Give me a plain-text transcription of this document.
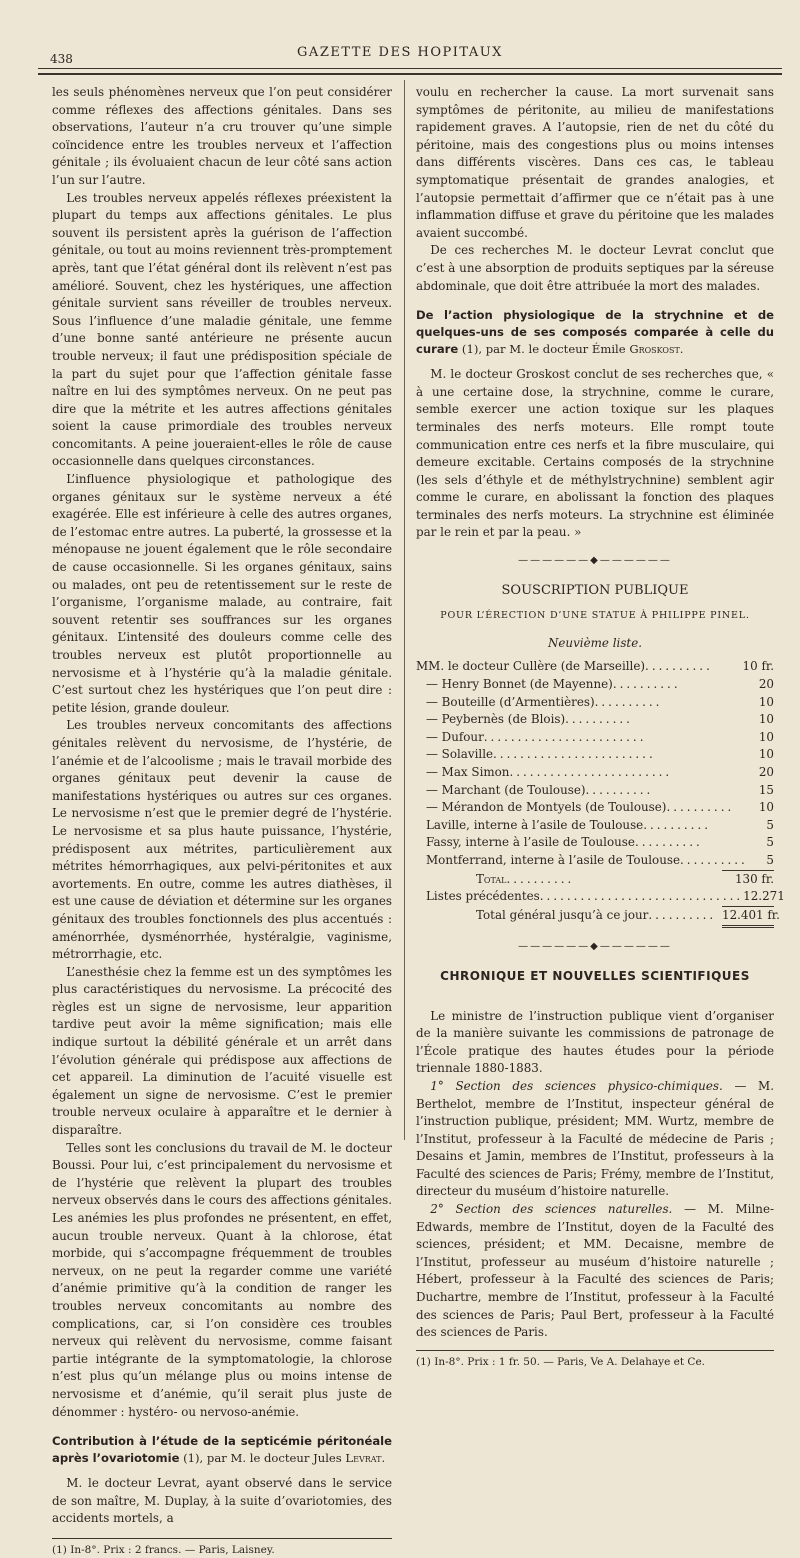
438	GAZETTE DES HOPITAUX

les seuls phénomènes nerveux que l’on peut considérer comme réflexes des affections génitales. Dans ses observations, l’auteur n’a cru trouver qu’une simple coïncidence entre les troubles nerveux et l’affection génitale ; ils évoluaient chacun de leur côté sans action l’un sur l’autre.

Les troubles nerveux appelés réflexes préexistent la plupart du temps aux affections génitales. Le plus souvent ils persistent après la guérison de l’affection génitale, ou tout au moins reviennent très-promptement après, tant que l’état général dont ils relèvent n’est pas amélioré. Souvent, chez les hystériques, une affection génitale survient sans réveiller de troubles nerveux. Sous l’influence d’une maladie génitale, une femme d’une bonne santé antérieure ne présente aucun trouble nerveux; il faut une prédisposition spéciale de la part du sujet pour que l’affection génitale fasse naître en lui des symptômes nerveux. On ne peut pas dire que la métrite et les autres affections génitales soient la cause primordiale des troubles nerveux concomitants. A peine joueraient-elles le rôle de cause occasionnelle dans quelques circonstances.

L’influence physiologique et pathologique des organes génitaux sur le système nerveux a été exagérée. Elle est inférieure à celle des autres organes, de l’estomac entre autres. La puberté, la grossesse et la ménopause ne jouent également que le rôle secondaire de cause occasionnelle. Si les organes génitaux, sains ou malades, ont peu de retentissement sur le reste de l’organisme, l’organisme malade, au contraire, fait souvent retentir ses souffrances sur les organes génitaux. L’intensité des douleurs comme celle des troubles nerveux est plutôt proportionnelle au nervosisme et à l’hystérie qu’à la maladie génitale. C’est surtout chez les hystériques que l’on peut dire : petite lésion, grande douleur.

Les troubles nerveux concomitants des affections génitales relèvent du nervosisme, de l’hystérie, de l’anémie et de l’alcoolisme ; mais le travail morbide des organes génitaux peut devenir la cause de manifestations hystériques ou autres sur ces organes. Le nervosisme n’est que le premier degré de l’hystérie. Le nervosisme et sa plus haute puissance, l’hystérie, prédisposent aux métrites, particulièrement aux métrites hémorrhagiques, aux pelvi-péritonites et aux avortements. En outre, comme les autres diathèses, il est une cause de déviation et détermine sur les organes génitaux des troubles fonctionnels des plus accentués : aménorrhée, dysménorrhée, hystéralgie, vaginisme, métrorrhagie, etc.

L’anesthésie chez la femme est un des symptômes les plus caractéristiques du nervosisme. La précocité des règles est un signe de nervosisme, leur apparition tardive peut avoir la même signification; mais elle indique surtout la débilité générale et un arrêt dans l’évolution générale qui prédispose aux affections de cet appareil. La diminution de l’acuité visuelle est également un signe de nervosisme. C’est le premier trouble nerveux oculaire à apparaître et le dernier à disparaître.

Telles sont les conclusions du travail de M. le docteur Boussi. Pour lui, c’est principalement du nervosisme et de l’hystérie que relèvent la plupart des troubles nerveux observés dans le cours des affections génitales. Les anémies les plus profondes ne présentent, en effet, aucun trouble nerveux. Quant à la chlorose, état morbide, qui s’accompagne fréquemment de troubles nerveux, on ne peut la regarder comme une variété d’anémie primitive qu’à la condition de ranger les troubles nerveux concomitants au nombre des complications, car, si l’on considère ces troubles nerveux qui relèvent du nervosisme, comme faisant partie intégrante de la symptomatologie, la chlorose n’est plus qu’un mélange plus ou moins intense de nervosisme et d’anémie, qu’il serait plus juste de dénommer : hystéro- ou nervoso-anémie.

Contribution à l’étude de la septicémie péritonéale après l’ovariotomie (1), par M. le docteur Jules Levrat.

M. le docteur Levrat, ayant observé dans le service de son maître, M. Duplay, à la suite d’ovariotomies, des accidents mortels, a

(1) In-8°. Prix : 2 francs. — Paris, Laisney.

voulu en rechercher la cause. La mort survenait sans symptômes de péritonite, au milieu de manifestations rapidement graves. A l’autopsie, rien de net du côté du péritoine, mais des congestions plus ou moins intenses dans différents viscères. Dans ces cas, le tableau symptomatique présentait de grandes analogies, et l’autopsie permettait d’affirmer que ce n’était pas à une inflammation diffuse et grave du péritoine que les malades avaient succombé.

De ces recherches M. le docteur Levrat conclut que c’est à une absorption de produits septiques par la séreuse abdominale, que doit être attribuée la mort des malades.

De l’action physiologique de la strychnine et de quelques-uns de ses composés comparée à celle du curare (1), par M. le docteur Émile Groskost.

M. le docteur Groskost conclut de ses recherches que, « à une certaine dose, la strychnine, comme le curare, semble exercer une action toxique sur les plaques terminales des nerfs moteurs. Elle rompt toute communication entre ces nerfs et la fibre musculaire, qui demeure excitable. Certains composés de la strychnine (les sels d’éthyle et de méthylstrychnine) semblent agir comme le curare, en abolissant la fonction des plaques terminales des nerfs moteurs. La strychnine est éliminée par le rein et par la peau. »

——————◆——————
SOUSCRIPTION PUBLIQUE
POUR L’ÉRECTION D’UNE STATUE À PHILIPPE PINEL.
Neuvième liste.
MM. le docteur Cullère (de Marseille) ..........	10 fr.
— Henry Bonnet (de Mayenne) ..........	20
— Bouteille (d’Armentières) ..........	10
— Peybernès (de Blois) ..........	10
— Dufour ........................	10
— Solaville ........................	10
— Max Simon ........................	20
— Marchant (de Toulouse) ..........	15
— Mérandon de Montyels (de Toulouse) ..........	10
Laville, interne à l’asile de Toulouse ..........	5
Fassy, interne à l’asile de Toulouse ..........	5
Montferrand, interne à l’asile de Toulouse ..........	5
Total ..........	130 fr.
Listes précédentes .............................. 12.271
Total général jusqu’à ce jour .......... 12.401 fr.
——————◆——————
CHRONIQUE ET NOUVELLES SCIENTIFIQUES

Le ministre de l’instruction publique vient d’organiser de la manière suivante les commissions de patronage de l’École pratique des hautes études pour la période triennale 1880-1883.

1° Section des sciences physico-chimiques. — M. Berthelot, membre de l’Institut, inspecteur général de l’instruction publique, président; MM. Wurtz, membre de l’Institut, professeur à la Faculté de médecine de Paris ; Desains et Jamin, membres de l’Institut, professeurs à la Faculté des sciences de Paris; Frémy, membre de l’Institut, directeur du muséum d’histoire naturelle.

2° Section des sciences naturelles. — M. Milne-Edwards, membre de l’Institut, doyen de la Faculté des sciences, président; et MM. Decaisne, membre de l’Institut, professeur au muséum d’histoire naturelle ; Hébert, professeur à la Faculté des sciences de Paris; Duchartre, membre de l’Institut, professeur à la Faculté des sciences de Paris; Paul Bert, professeur à la Faculté des sciences de Paris.

(1) In-8°. Prix : 1 fr. 50. — Paris, Ve A. Delahaye et Ce.
